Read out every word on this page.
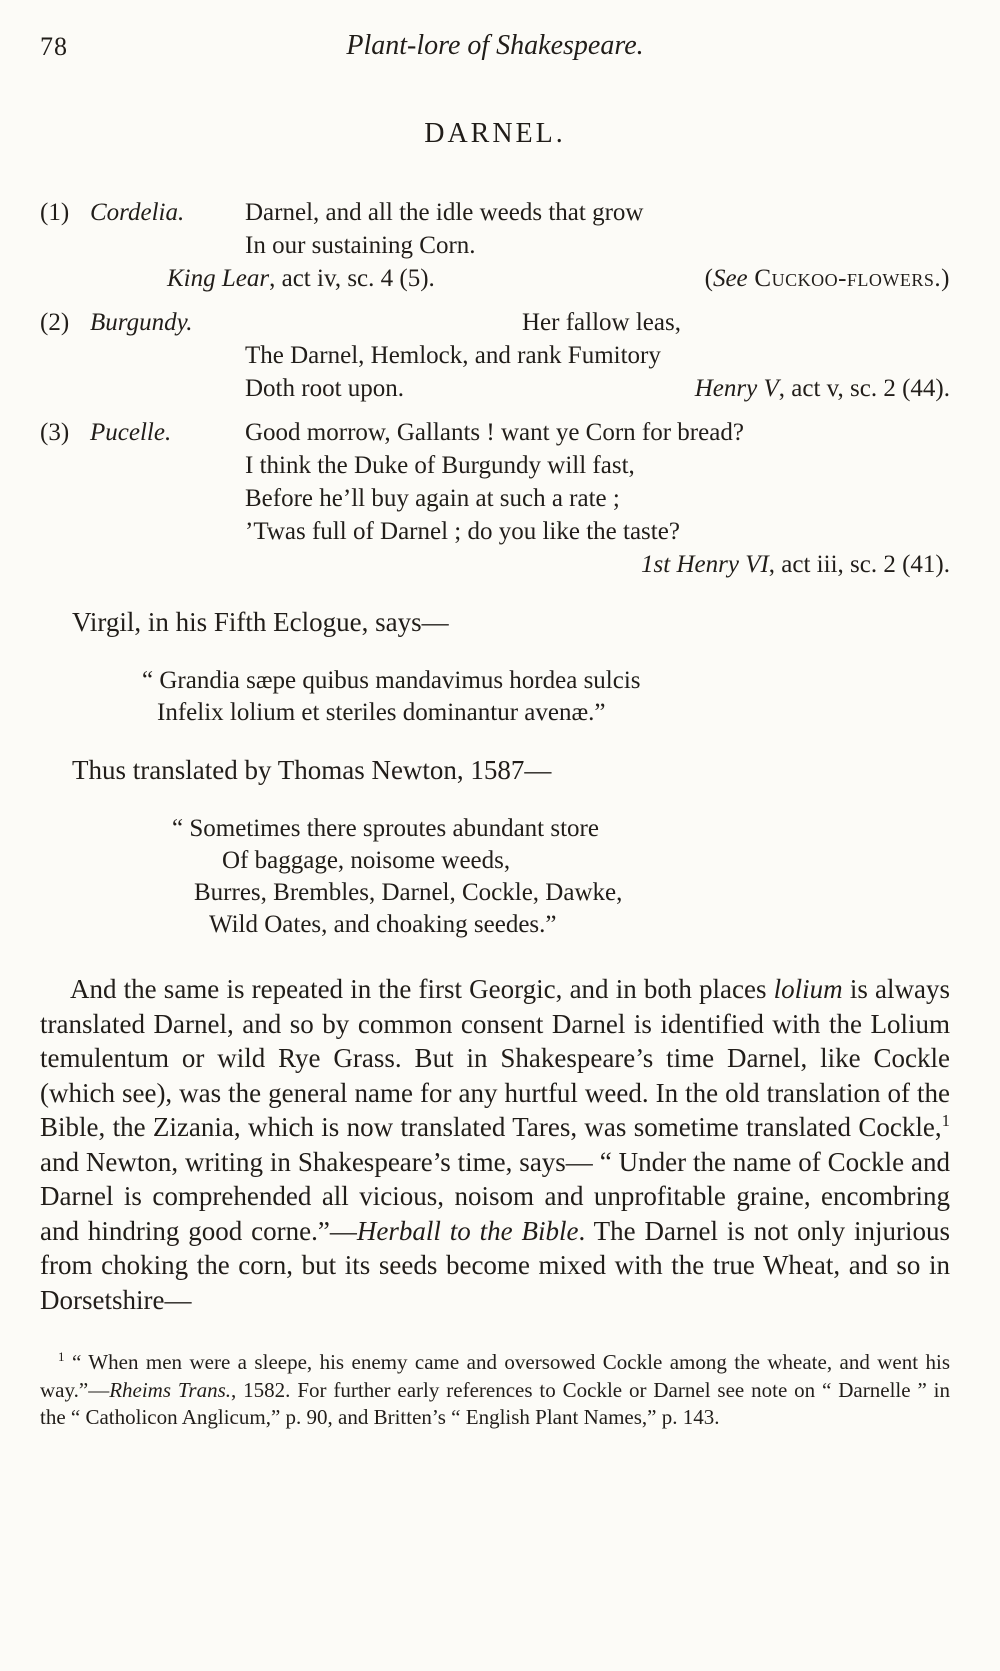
78	Plant-lore of Shakespeare.
DARNEL.
(1) Cordelia. Darnel, and all the idle weeds that grow
In our sustaining Corn.
King Lear, act iv, sc. 4 (5).	(See Cuckoo-flowers.)
(2) Burgundy.	Her fallow leas,
The Darnel, Hemlock, and rank Fumitory
Doth root upon.	Henry V, act v, sc. 2 (44).
(3) Pucelle.	Good morrow, Gallants ! want ye Corn for bread?
I think the Duke of Burgundy will fast,
Before he’ll buy again at such a rate ;
’Twas full of Darnel ; do you like the taste?
1st Henry VI, act iii, sc. 2 (41).

Virgil, in his Fifth Eclogue, says—

“ Grandia sæpe quibus mandavimus hordea sulcis
Infelix lolium et steriles dominantur avenæ.”

Thus translated by Thomas Newton, 1587—

“ Sometimes there sproutes abundant store
Of baggage, noisome weeds,
Burres, Brembles, Darnel, Cockle, Dawke,
Wild Oates, and choaking seedes.”

And the same is repeated in the first Georgic, and in both places lolium is always translated Darnel, and so by common consent Darnel is identified with the Lolium temulentum or wild Rye Grass. But in Shakespeare’s time Darnel, like Cockle (which see), was the general name for any hurtful weed. In the old translation of the Bible, the Zizania, which is now translated Tares, was sometime translated Cockle,$^1$ and Newton, writing in Shakespeare’s time, says— “ Under the name of Cockle and Darnel is comprehended all vicious, noisom and unprofitable graine, encombring and hindring good corne.”—Herball to the Bible. The Darnel is not only injurious from choking the corn, but its seeds become mixed with the true Wheat, and so in Dorsetshire—

$^1$ “ When men were a sleepe, his enemy came and oversowed Cockle among the wheate, and went his way.”—Rheims Trans., 1582. For further early references to Cockle or Darnel see note on “ Darnelle ” in the “ Catholicon Anglicum,” p. 90, and Britten’s “ English Plant Names,” p. 143.
